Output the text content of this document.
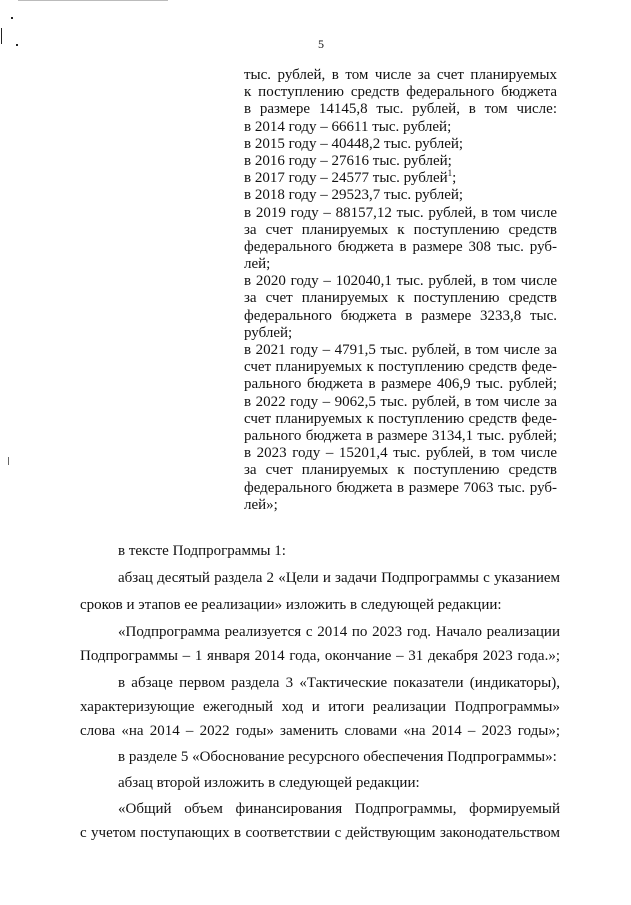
5
тыс. рублей, в том числе за счет планируемых
к поступлению средств федерального бюджета
в размере 14145,8 тыс. рублей, в том числе:
в 2014 году – 66611 тыс. рублей;
в 2015 году – 40448,2 тыс. рублей;
в 2016 году – 27616 тыс. рублей;
в 2017 году – 24577 тыс. рублей$^1$;
в 2018 году – 29523,7 тыс. рублей;
в 2019 году – 88157,12 тыс. рублей, в том числе
за счет планируемых к поступлению средств
федерального бюджета в размере 308 тыс. руб-
лей;
в 2020 году – 102040,1 тыс. рублей, в том числе
за счет планируемых к поступлению средств
федерального бюджета в размере 3233,8 тыс.
рублей;
в 2021 году – 4791,5 тыс. рублей, в том числе за
счет планируемых к поступлению средств феде-
рального бюджета в размере 406,9 тыс. рублей;
в 2022 году – 9062,5 тыс. рублей, в том числе за
счет планируемых к поступлению средств феде-
рального бюджета в размере 3134,1 тыс. рублей;
в 2023 году – 15201,4 тыс. рублей, в том числе
за счет планируемых к поступлению средств
федерального бюджета в размере 7063 тыс. руб-
лей»;
в тексте Подпрограммы 1:
абзац десятый раздела 2 «Цели и задачи Подпрограммы с указанием
сроков и этапов ее реализации» изложить в следующей редакции:
«Подпрограмма реализуется с 2014 по 2023 год. Начало реализации
Подпрограммы – 1 января 2014 года, окончание – 31 декабря 2023 года.»;
в абзаце первом раздела 3 «Тактические показатели (индикаторы),
характеризующие ежегодный ход и итоги реализации Подпрограммы»
слова «на 2014 – 2022 годы» заменить словами «на 2014 – 2023 годы»;
в разделе 5 «Обоснование ресурсного обеспечения Подпрограммы»:
абзац второй изложить в следующей редакции:
«Общий объем финансирования Подпрограммы, формируемый
с учетом поступающих в соответствии с действующим законодательством
